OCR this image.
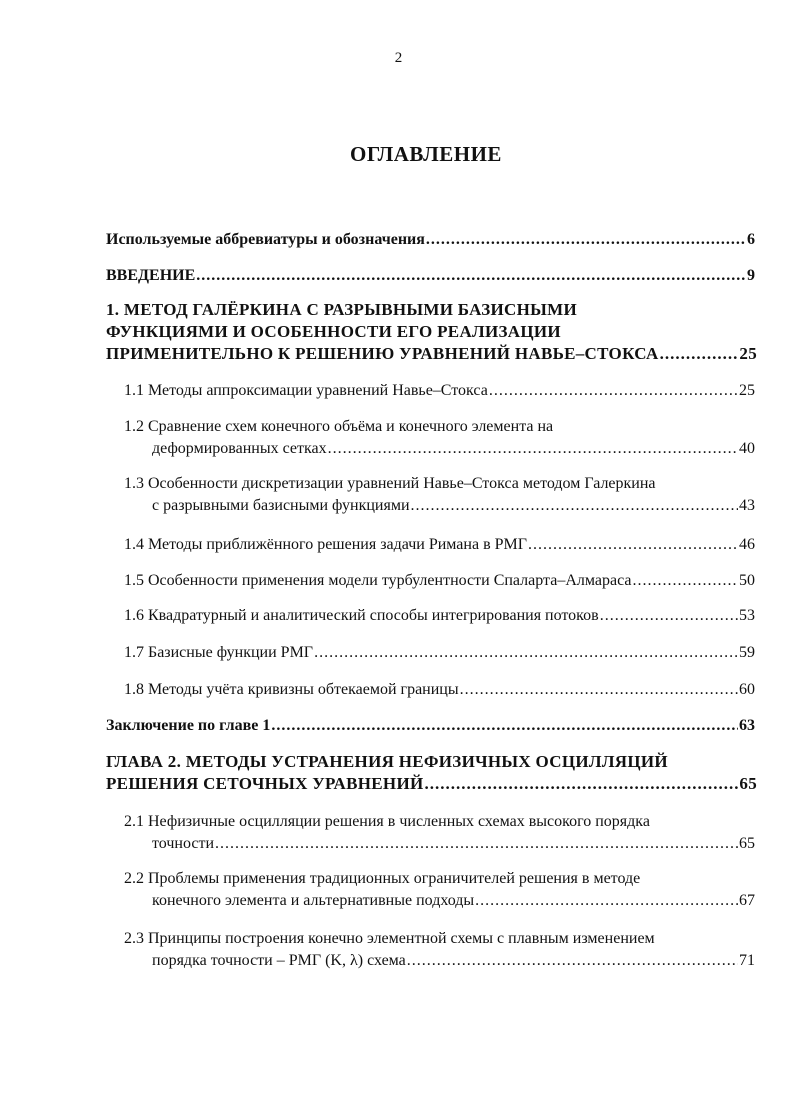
2
ОГЛАВЛЕНИЕ
Используемые аббревиатуры и обозначения .....	6
ВВЕДЕНИЕ .....	9
1. МЕТОД ГАЛЁРКИНА С РАЗРЫВНЫМИ БАЗИСНЫМИ
ФУНКЦИЯМИ И ОСОБЕННОСТИ ЕГО РЕАЛИЗАЦИИ
ПРИМЕНИТЕЛЬНО К РЕШЕНИЮ УРАВНЕНИЙ НАВЬЕ–СТОКСА .....	25
1.1 Методы аппроксимации уравнений Навье–Стокса .....	25
1.2 Сравнение схем конечного объёма и конечного элемента на
деформированных сетках .....	40
1.3 Особенности дискретизации уравнений Навье–Стокса методом Галеркина
с разрывными базисными функциями .....	43
1.4 Методы приближённого решения задачи Римана в РМГ .....	46
1.5 Особенности применения модели турбулентности Спаларта–Алмараса .....	50
1.6 Квадратурный и аналитический способы интегрирования потоков .....	53
1.7 Базисные функции РМГ .....	59
1.8 Методы учёта кривизны обтекаемой границы .....	60
Заключение по главе 1 .....	63
ГЛАВА 2. МЕТОДЫ УСТРАНЕНИЯ НЕФИЗИЧНЫХ ОСЦИЛЛЯЦИЙ
РЕШЕНИЯ СЕТОЧНЫХ УРАВНЕНИЙ .....	65
2.1 Нефизичные осцилляции решения в численных схемах высокого порядка
точности .....	65
2.2 Проблемы применения традиционных ограничителей решения в методе
конечного элемента и альтернативные подходы .....	67
2.3 Принципы построения конечно элементной схемы с плавным изменением
порядка точности – РМГ (K, λ) схема .....	71
